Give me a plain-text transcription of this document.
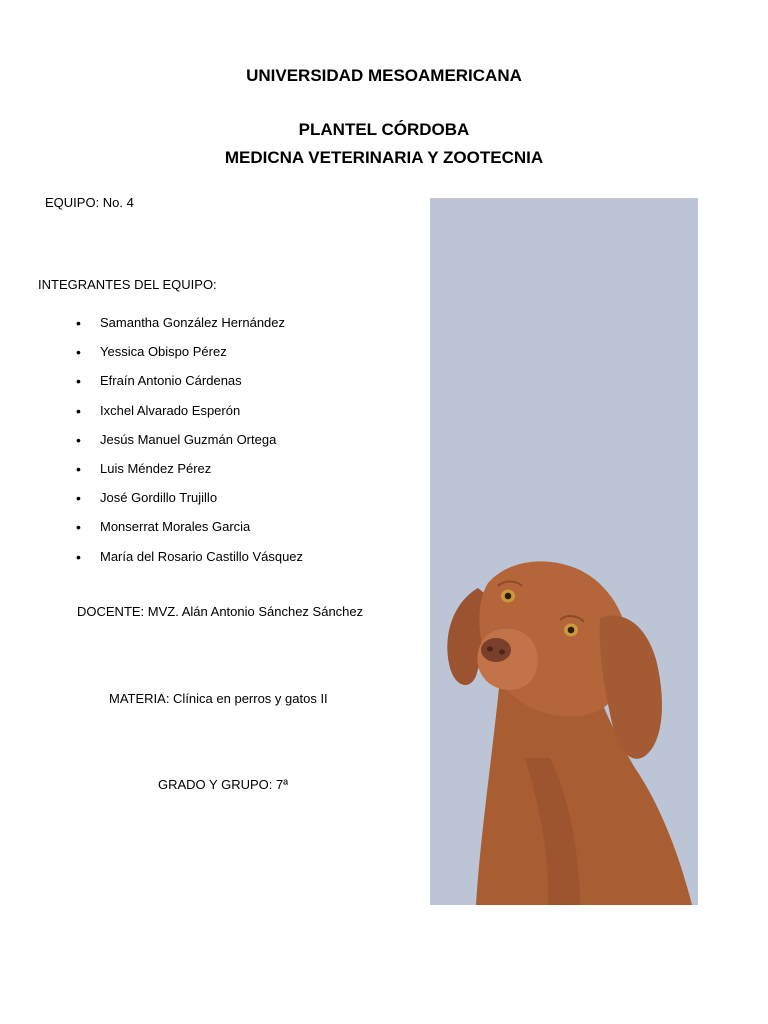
UNIVERSIDAD MESOAMERICANA
PLANTEL CÓRDOBA
MEDICNA VETERINARIA Y ZOOTECNIA
EQUIPO: No. 4
INTEGRANTES DEL EQUIPO:
• Samantha González Hernández
• Yessica Obispo Pérez
• Efraín Antonio Cárdenas
• Ixchel Alvarado Esperón
• Jesús Manuel Guzmán Ortega
• Luis Méndez Pérez
• José Gordillo Trujillo
• Monserrat Morales Garcia
• María del Rosario Castillo Vásquez
DOCENTE: MVZ. Alán Antonio Sánchez Sánchez
MATERIA: Clínica en perros y gatos II
GRADO Y GRUPO: 7ª
